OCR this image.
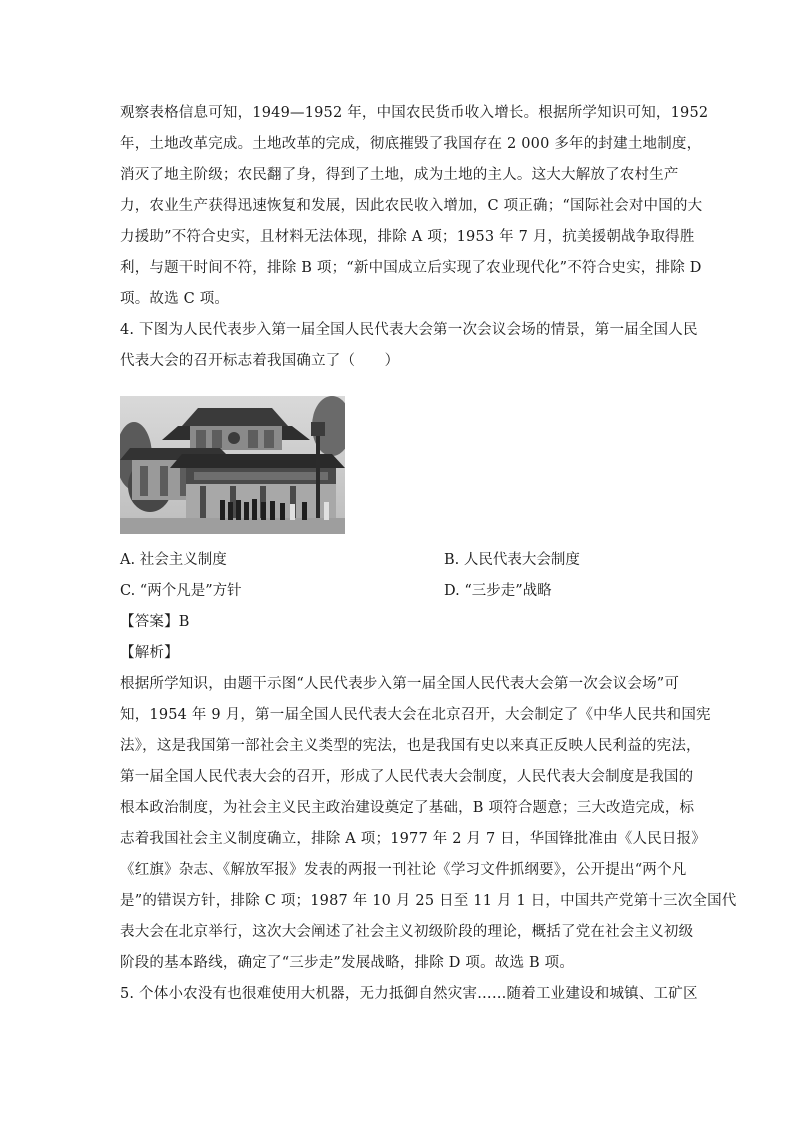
观察表格信息可知，1949—1952 年，中国农民货币收入增长。根据所学知识可知，1952
年，土地改革完成。土地改革的完成，彻底摧毁了我国存在 2 000 多年的封建土地制度，
消灭了地主阶级；农民翻了身，得到了土地，成为土地的主人。这大大解放了农村生产
力，农业生产获得迅速恢复和发展，因此农民收入增加，C 项正确；“国际社会对中国的大
力援助”不符合史实，且材料无法体现，排除 A 项；1953 年 7 月，抗美援朝战争取得胜
利，与题干时间不符，排除 B 项；“新中国成立后实现了农业现代化”不符合史实，排除 D
项。故选 C 项。
4. 下图为人民代表步入第一届全国人民代表大会第一次会议会场的情景，第一届全国人民
代表大会的召开标志着我国确立了（　　）
A. 社会主义制度	B. 人民代表大会制度
C. “两个凡是”方针	D. “三步走”战略
【答案】B
【解析】
根据所学知识，由题干示图“人民代表步入第一届全国人民代表大会第一次会议会场”可
知，1954 年 9 月，第一届全国人民代表大会在北京召开，大会制定了《中华人民共和国宪
法》，这是我国第一部社会主义类型的宪法，也是我国有史以来真正反映人民利益的宪法，
第一届全国人民代表大会的召开，形成了人民代表大会制度，人民代表大会制度是我国的
根本政治制度，为社会主义民主政治建设奠定了基础，B 项符合题意；三大改造完成，标
志着我国社会主义制度确立，排除 A 项；1977 年 2 月 7 日，华国锋批准由《人民日报》
《红旗》杂志、《解放军报》发表的两报一刊社论《学习文件抓纲要》，公开提出“两个凡
是”的错误方针，排除 C 项；1987 年 10 月 25 日至 11 月 1 日，中国共产党第十三次全国代
表大会在北京举行，这次大会阐述了社会主义初级阶段的理论，概括了党在社会主义初级
阶段的基本路线，确定了“三步走”发展战略，排除 D 项。故选 B 项。
5. 个体小农没有也很难使用大机器，无力抵御自然灾害……随着工业建设和城镇、工矿区
